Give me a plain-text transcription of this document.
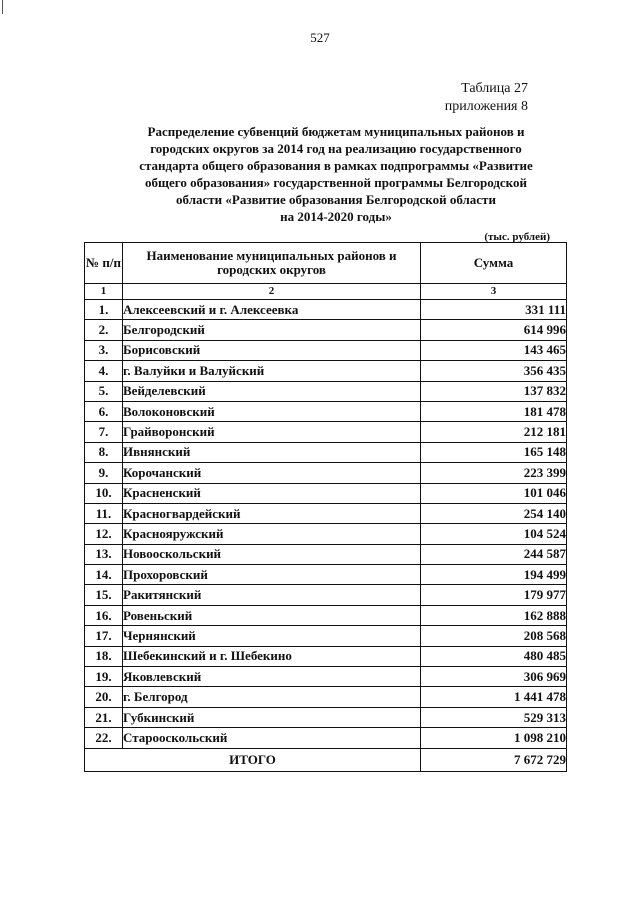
527
Таблица 27
приложения 8
Распределение субвенций бюджетам муниципальных районов и
городских округов за 2014 год на реализацию государственного
стандарта общего образования в рамках подпрограммы «Развитие
общего образования» государственной программы Белгородской
области «Развитие образования Белгородской области
на 2014-2020 годы»
(тыс. рублей)
№ п/п	Наименование муниципальных районов и городских округов	Сумма
1	2	3
1.	Алексеевский и г. Алексеевка	331 111
2.	Белгородский	614 996
3.	Борисовский	143 465
4.	г. Валуйки и Валуйский	356 435
5.	Вейделевский	137 832
6.	Волоконовский	181 478
7.	Грайворонский	212 181
8.	Ивнянский	165 148
9.	Корочанский	223 399
10.	Красненский	101 046
11.	Красногвардейский	254 140
12.	Краснояружский	104 524
13.	Новооскольский	244 587
14.	Прохоровский	194 499
15.	Ракитянский	179 977
16.	Ровеньский	162 888
17.	Чернянский	208 568
18.	Шебекинский и г. Шебекино	480 485
19.	Яковлевский	306 969
20.	г. Белгород	1 441 478
21.	Губкинский	529 313
22.	Старооскольский	1 098 210
ИТОГО		7 672 729
